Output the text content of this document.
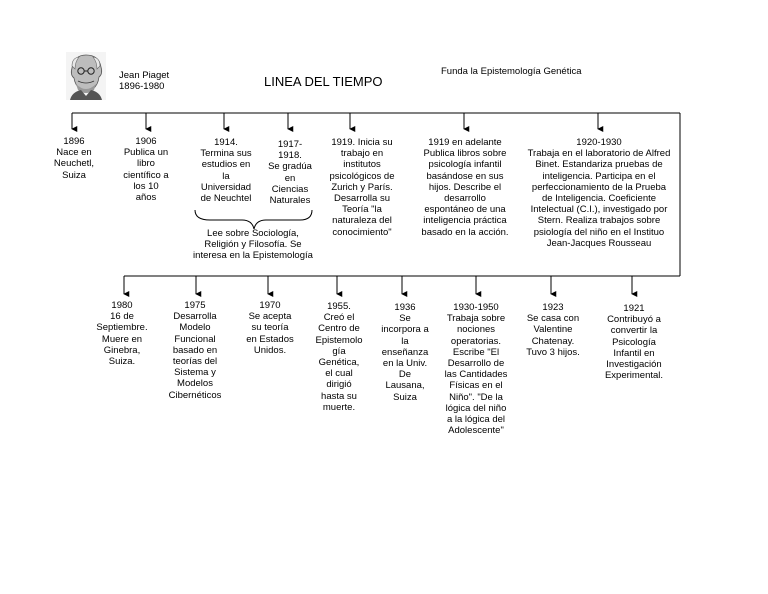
Jean Piaget
1896-1980	LINEA DEL TIEMPO
Funda la Epistemología Genética
1896
Nace en
Neuchetl,
Suiza
1906
Publica un
libro
científico a
los 10
años
1914.
Termina sus
estudios en
la
Universidad
de Neuchtel
1917-
1918.
Se gradúa
en
Ciencias
Naturales
1919. Inicia su
trabajo en
institutos
psicológicos de
Zurich y París.
Desarrolla su
Teoría "la
naturaleza del
conocimiento"
1919 en adelante
Publica libros sobre
psicología infantil
basándose en sus
hijos. Describe el
desarrollo
espontáneo de una
inteligencia práctica
basado en la acción.
1920-1930
Trabaja en el laboratorio de Alfred
Binet. Estandariza pruebas de
inteligencia. Participa en el
perfeccionamiento de la Prueba
de Inteligencia. Coeficiente
Intelectual (C.I.), investigado por
Stern. Realiza trabajos sobre
psiología del niño en el Instituo
Jean-Jacques Rousseau
Lee sobre Sociología,
Religión y Filosofía. Se
interesa en la Epistemología
1980
16 de
Septiembre.
Muere en
Ginebra,
Suiza.
1975
Desarrolla
Modelo
Funcional
basado en
teorías del
Sistema y
Modelos
Cibernéticos
1970
Se acepta
su teoría
en Estados
Unidos.
1955.
Creó el
Centro de
Epistemolo
gía
Genética,
el cual
dirigió
hasta su
muerte.
1936
Se
incorpora a
la
enseñanza
en la Univ.
De
Lausana,
Suiza
1930-1950
Trabaja sobre
nociones
operatorias.
Escribe "El
Desarrollo de
las Cantidades
Físicas en el
Niño". "De la
lógica del niño
a la lógica del
Adolescente"
1923
Se casa con
Valentine
Chatenay.
Tuvo 3 hijos.
1921
Contribuyó a
convertir la
Psicología
Infantil en
Investigación
Experimental.
